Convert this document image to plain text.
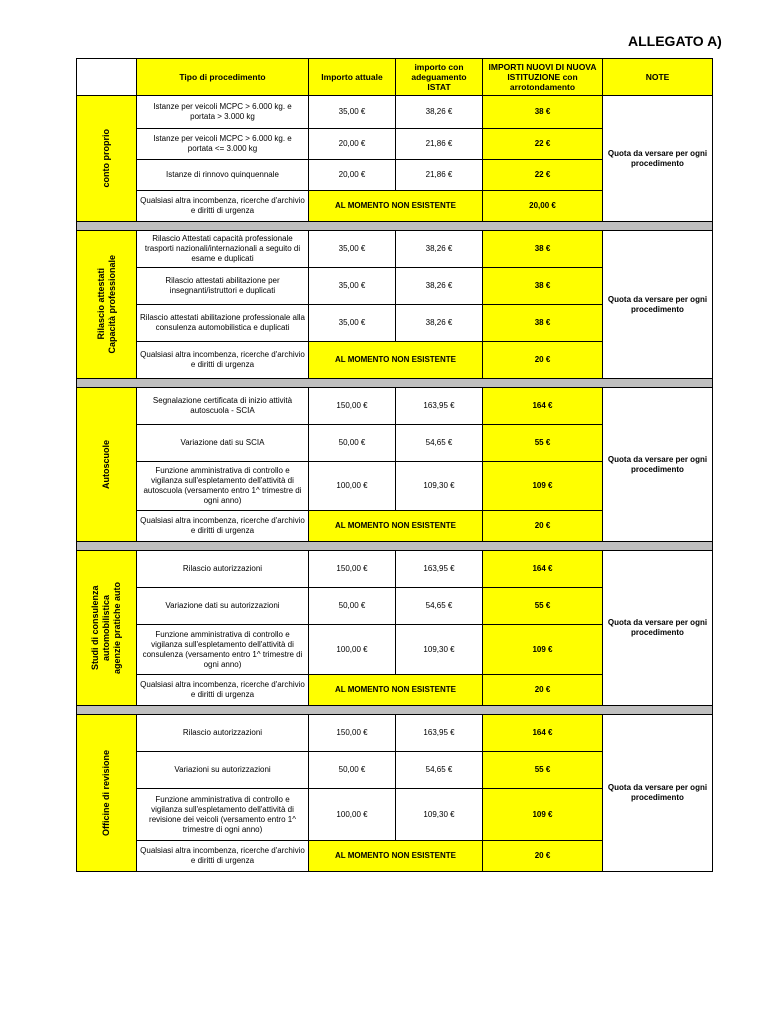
ALLEGATO A)
	Tipo di procedimento	Importo attuale	importo con adeguamento ISTAT	IMPORTI NUOVI DI NUOVA ISTITUZIONE con arrotondamento	NOTE

conto proprio	Istanze per veicoli MCPC > 6.000 kg. e portata > 3.000 kg	35,00 €	38,26 €	38 €	Quota da versare per ogni procedimento
	Istanze per veicoli MCPC > 6.000 kg. e portata <= 3.000 kg	20,00 €	21,86 €	22 €	
	Istanze di rinnovo quinquennale	20,00 €	21,86 €	22 €	
	Qualsiasi altra incombenza, ricerche d'archivio e diritti di urgenza	AL MOMENTO NON ESISTENTE		20,00 €	

Rilascio attestati
Capacità professionale	Rilascio Attestati capacità professionale trasporti nazionali/internazionali a seguito di esame e duplicati	35,00 €	38,26 €	38 €	Quota da versare per ogni procedimento
	Rilascio attestati abilitazione per insegnanti/istruttori e duplicati	35,00 €	38,26 €	38 €	
	Rilascio attestati abilitazione professionale alla consulenza automobilistica e duplicati	35,00 €	38,26 €	38 €	
	Qualsiasi altra incombenza, ricerche d'archivio e diritti di urgenza	AL MOMENTO NON ESISTENTE		20 €	

Autoscuole	Segnalazione certificata di inizio attività autoscuola - SCIA	150,00 €	163,95 €	164 €	Quota da versare per ogni procedimento
	Variazione dati su SCIA	50,00 €	54,65 €	55 €	
	Funzione amministrativa di controllo e vigilanza sull'espletamento dell'attività di autoscuola (versamento entro 1^ trimestre di ogni anno)	100,00 €	109,30 €	109 €	
	Qualsiasi altra incombenza, ricerche d'archivio e diritti di urgenza	AL MOMENTO NON ESISTENTE		20 €	

Studi di consulenza
automobilistica
agenzie pratiche auto	Rilascio autorizzazioni	150,00 €	163,95 €	164 €	Quota da versare per ogni procedimento
	Variazione dati su autorizzazioni	50,00 €	54,65 €	55 €	
	Funzione amministrativa di controllo e vigilanza sull'espletamento dell'attività di consulenza (versamento entro 1^ trimestre di ogni anno)	100,00 €	109,30 €	109 €	
	Qualsiasi altra incombenza, ricerche d'archivio e diritti di urgenza	AL MOMENTO NON ESISTENTE		20 €	

Officine di revisione	Rilascio autorizzazioni	150,00 €	163,95 €	164 €	Quota da versare per ogni procedimento
	Variazioni su autorizzazioni	50,00 €	54,65 €	55 €	
	Funzione amministrativa di controllo e vigilanza sull'espletamento dell'attività di revisione dei veicoli (versamento entro 1^ trimestre di ogni anno)	100,00 €	109,30 €	109 €	
	Qualsiasi altra incombenza, ricerche d'archivio e diritti di urgenza	AL MOMENTO NON ESISTENTE		20 €	
